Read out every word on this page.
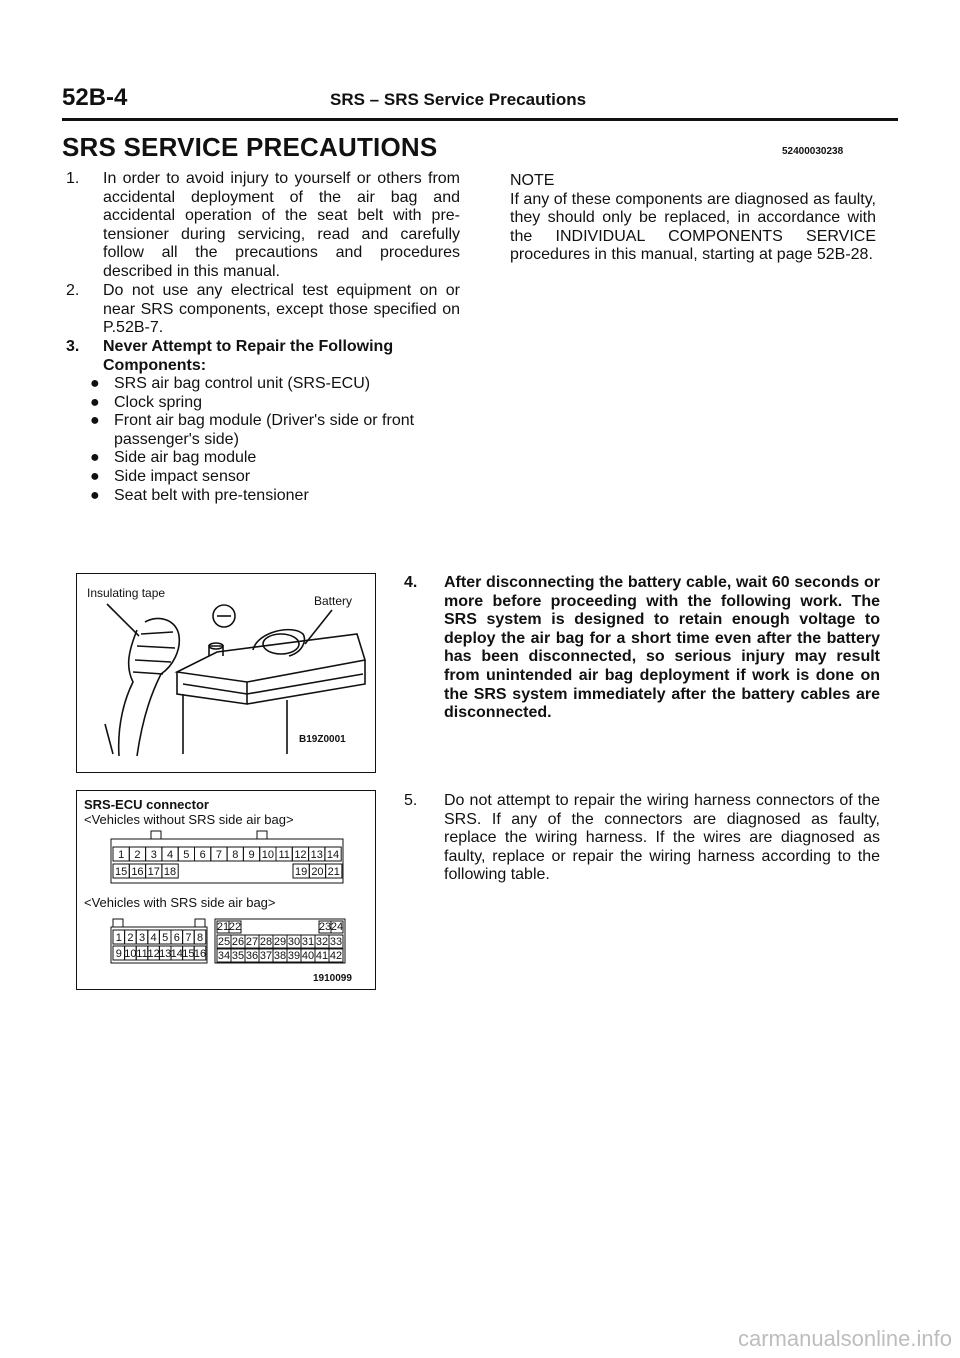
52B-4	SRS – SRS Service Precautions
SRS SERVICE PRECAUTIONS	52400030238
1. In order to avoid injury to yourself or others from accidental deployment of the air bag and accidental operation of the seat belt with pre-tensioner during servicing, read and carefully follow all the precautions and procedures described in this manual.
2. Do not use any electrical test equipment on or near SRS components, except those specified on P.52B-7.
3. Never Attempt to Repair the Following Components:
● SRS air bag control unit (SRS-ECU)
● Clock spring
● Front air bag module (Driver's side or front passenger's side)
● Side air bag module
● Side impact sensor
● Seat belt with pre-tensioner
NOTE
If any of these components are diagnosed as faulty, they should only be replaced, in accordance with the INDIVIDUAL COMPONENTS SERVICE procedures in this manual, starting at page 52B-28.
Insulating tape
Battery
B19Z0001
SRS-ECU connector
<Vehicles without SRS side air bag>
<Vehicles with SRS side air bag>
1 2 3 4 5 6 7 8 9 10 11 12 13 14
15 16 17 18	19 20 21
1 2 3 4 5 6 7 8
9 10 11 12 13 14 15 16
21 22	23 24
25 26 27 28 29 30 31 32 33
34 35 36 37 38 39 40 41 42
1910099
4. After disconnecting the battery cable, wait 60 seconds or more before proceeding with the following work. The SRS system is designed to retain enough voltage to deploy the air bag for a short time even after the battery has been disconnected, so serious injury may result from unintended air bag deployment if work is done on the SRS system immediately after the battery cables are disconnected.
5. Do not attempt to repair the wiring harness connectors of the SRS. If any of the connectors are diagnosed as faulty, replace the wiring harness. If the wires are diagnosed as faulty, replace or repair the wiring harness according to the following table.
carmanualsonline.info
